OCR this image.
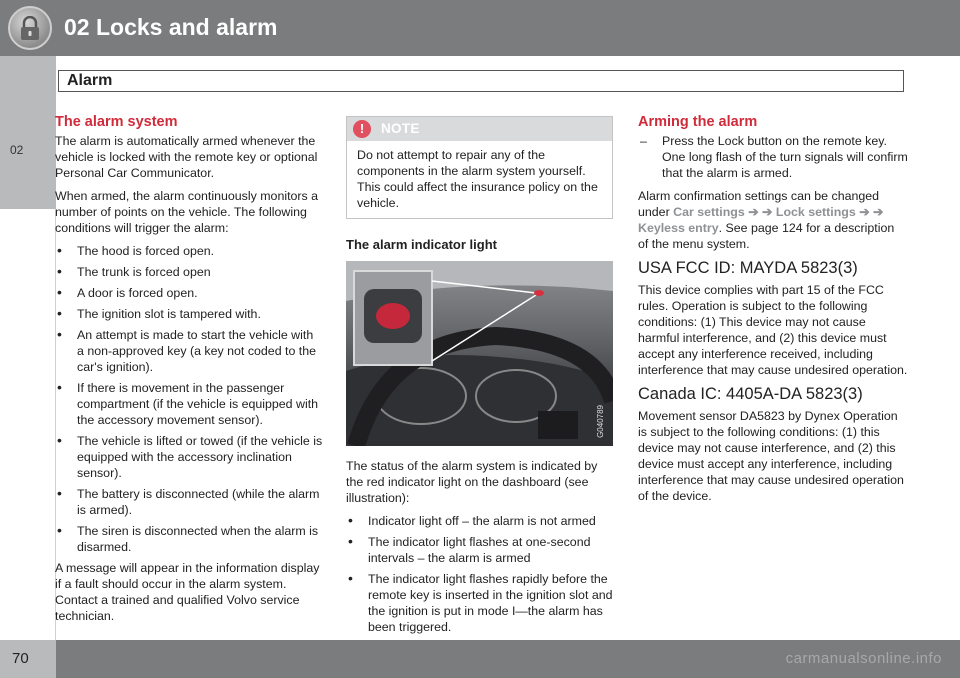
02 Locks and alarm
02
Alarm
The alarm system

The alarm is automatically armed whenever the vehicle is locked with the remote key or optional Personal Car Communicator.

When armed, the alarm continuously monitors a number of points on the vehicle. The following conditions will trigger the alarm:

• The hood is forced open.
• The trunk is forced open
• A door is forced open.
• The ignition slot is tampered with.
• An attempt is made to start the vehicle with a non-approved key (a key not coded to the car's ignition).
• If there is movement in the passenger compartment (if the vehicle is equipped with the accessory movement sensor).
• The vehicle is lifted or towed (if the vehicle is equipped with the accessory inclination sensor).
• The battery is disconnected (while the alarm is armed).
• The siren is disconnected when the alarm is disarmed.

A message will appear in the information display if a fault should occur in the alarm system. Contact a trained and qualified Volvo service technician.

!	NOTE
Do not attempt to repair any of the components in the alarm system yourself. This could affect the insurance policy on the vehicle.
The alarm indicator light
G040789

The status of the alarm system is indicated by the red indicator light on the dashboard (see illustration):

• Indicator light off – the alarm is not armed
• The indicator light flashes at one-second intervals – the alarm is armed
• The indicator light flashes rapidly before the remote key is inserted in the ignition slot and the ignition is put in mode I—the alarm has been triggered.
Arming the alarm
– Press the Lock button on the remote key. One long flash of the turn signals will confirm that the alarm is armed.

Alarm confirmation settings can be changed under Car settings ➔ ➔ Lock settings ➔ ➔ Keyless entry. See page 124 for a description of the menu system.

USA FCC ID: MAYDA 5823(3)

This device complies with part 15 of the FCC rules. Operation is subject to the following conditions: (1) This device may not cause harmful interference, and (2) this device must accept any interference received, including interference that may cause undesired operation.

Canada IC: 4405A-DA 5823(3)

Movement sensor DA5823 by Dynex Operation is subject to the following conditions: (1) this device may not cause interference, and (2) this device must accept any interference, including interference that may cause undesired operation of the device.

70	carmanualsonline.info
